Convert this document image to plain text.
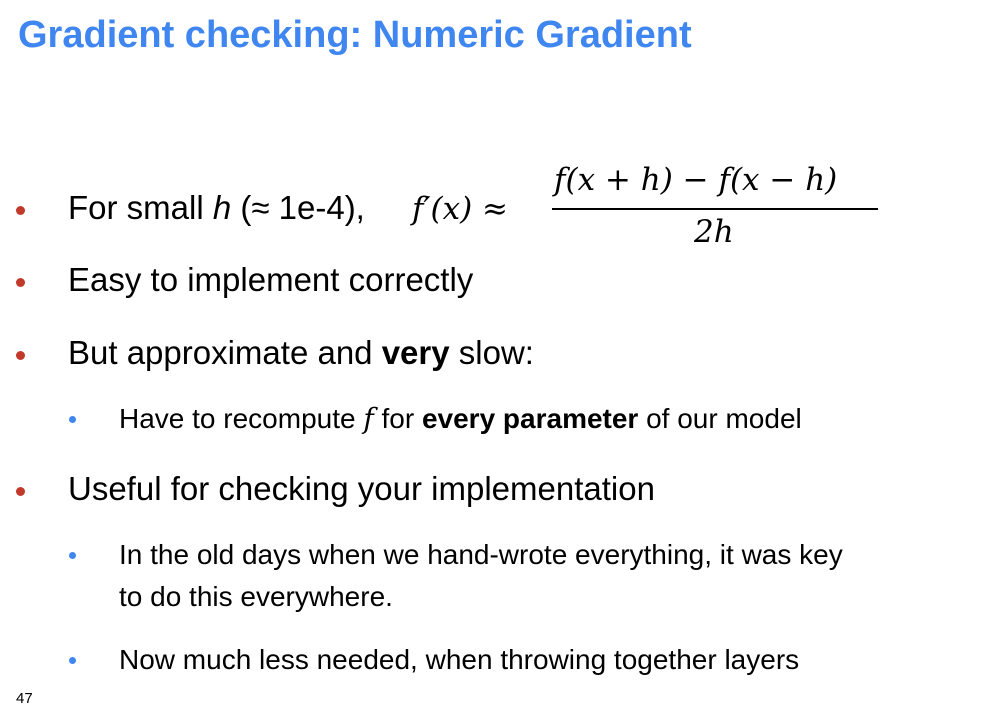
Gradient checking: Numeric Gradient
For small h (≈ 1e-4), f′(x) ≈
f(x + h) − f(x − h)
2h
Easy to implement correctly
But approximate and very slow:
Have to recompute f for every parameter of our model
Useful for checking your implementation
In the old days when we hand-wrote everything, it was key
to do this everywhere.
Now much less needed, when throwing together layers
47
